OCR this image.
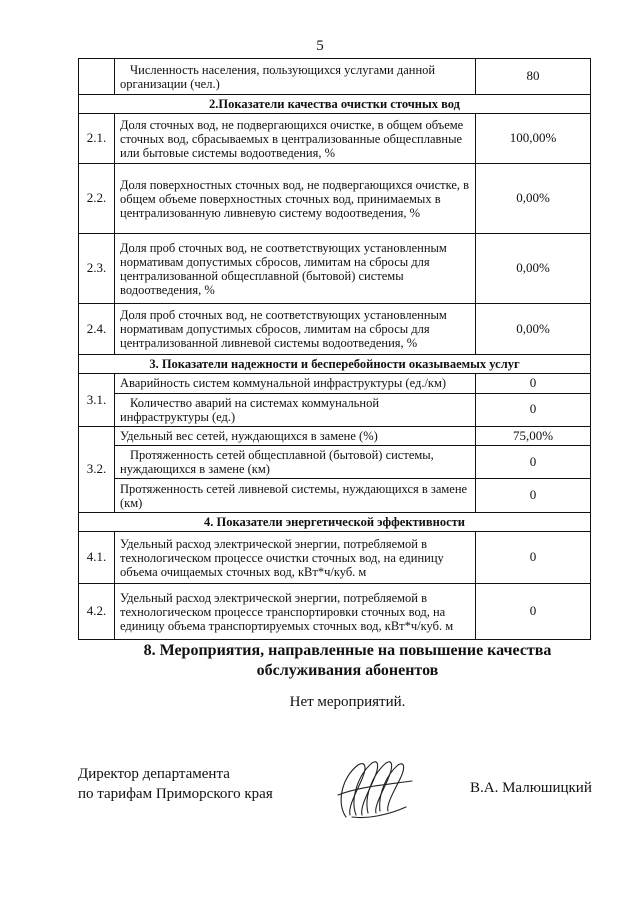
5
	Численность населения, пользующихся услугами данной организации (чел.)	80
2.Показатели качества очистки сточных вод		
2.1.	Доля сточных вод, не подвергающихся очистке, в общем объеме сточных вод, сбрасываемых в централизованные общесплавные или бытовые системы водоотведения, %	100,00%
2.2.	Доля поверхностных сточных вод, не подвергающихся очистке, в общем объеме поверхностных сточных вод, принимаемых в централизованную ливневую систему водоотведения, %	0,00%
2.3.	Доля проб сточных вод, не соответствующих установленным нормативам допустимых сбросов, лимитам на сбросы для централизованной общесплавной (бытовой) системы водоотведения, %	0,00%
2.4.	Доля проб сточных вод, не соответствующих установленным нормативам допустимых сбросов, лимитам на сбросы для централизованной ливневой системы водоотведения, %	0,00%
3. Показатели надежности и бесперебойности оказываемых услуг		
3.1.	Аварийность систем коммунальной инфраструктуры (ед./км)	0
	Количество аварий на системах коммунальной инфраструктуры (ед.)	0
3.2.	Удельный вес сетей, нуждающихся в замене (%)	75,00%
	Протяженность сетей общесплавной (бытовой) системы, нуждающихся в замене (км)	0
	Протяженность сетей ливневой системы, нуждающихся в замене (км)	0
4. Показатели энергетической эффективности		
4.1.	Удельный расход электрической энергии, потребляемой в технологическом процессе очистки сточных вод, на единицу объема очищаемых сточных вод, кВт*ч/куб. м	0
4.2.	Удельный расход электрической энергии, потребляемой в технологическом процессе транспортировки сточных вод, на единицу объема транспортируемых сточных вод, кВт*ч/куб. м	0
8. Мероприятия, направленные на повышение качества
обслуживания абонентов
Нет мероприятий.
Директор департамента
по тарифам Приморского края	В.А. Малюшицкий
